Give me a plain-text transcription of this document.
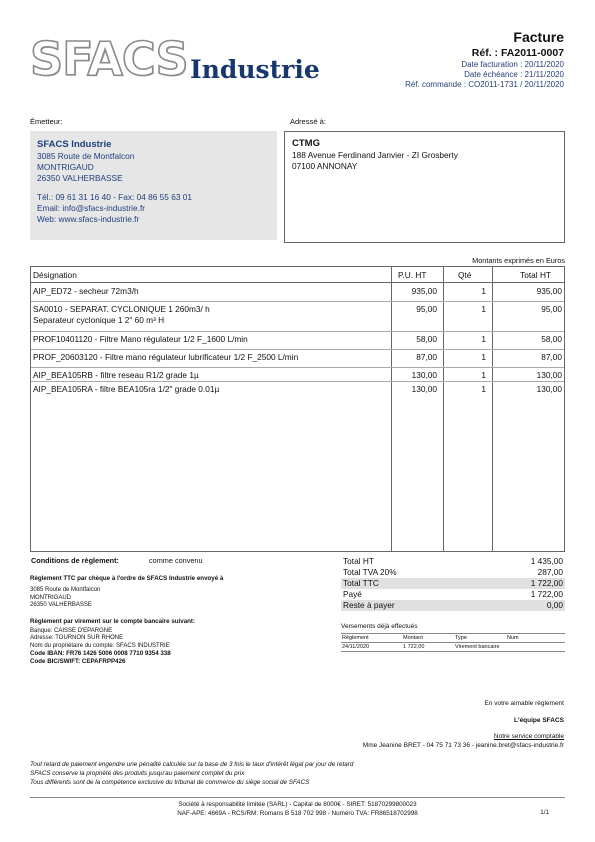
SFACS Industrie
Facture
Réf. : FA2011-0007
Date facturation : 20/11/2020
Date échéance : 21/11/2020
Réf. commande : CO2011-1731 / 20/11/2020
Émetteur:	Adressé à:
SFACS Industrie
3085 Route de Montfalcon
MONTRIGAUD
26350 VALHERBASSE
Tél.: 09 61 31 16 40 - Fax: 04 86 55 63 01
Email: info@sfacs-industrie.fr
Web: www.sfacs-industrie.fr
CTMG
188 Avenue Ferdinand Janvier - ZI Grosberty
07100 ANNONAY
Montants exprimés en Euros
Désignation	P.U. HT	Qté	Total HT
AIP_ED72 - secheur 72m3/h	935,00	1	935,00
SA0010 - SEPARAT. CYCLONIQUE 1 260m3/ h
Separateur cyclonique 1 2" 60 m³ H
95,00	1	95,00
PROF10401120 - Filtre Mano régulateur 1/2 F_1600 L/min	58,00	1	58,00
PROF_20603120 - Filtre mano régulateur lubrificateur 1/2 F_2500 L/min	87,00	1	87,00
AIP_BEA105RB - filtre reseau R1/2 grade 1µ	130,00	1	130,00
AIP_BEA105RA - filtre BEA105ra 1/2" grade 0.01µ	130,00	1	130,00
Conditions de règlement:	comme convenu
Règlement TTC par chèque à l'ordre de SFACS Industrie envoyé à
3085 Route de Montfalcon
MONTRIGAUD
26350 VALHERBASSE
Règlement par virement sur le compte bancaire suivant:
Banque: CAISSE D'EPARGNE
Adresse: TOURNON SUR RHONE
Nom du propriétaire du compte: SFACS INDUSTRIE
Code IBAN: FR76 1426 5006 0008 7710 9354 338
Code BIC/SWIFT: CEPAFRPP426
Total HT	1 435,00
Total TVA 20%	287,00
Total TTC	1 722,00
Payé	1 722,00
Reste à payer	0,00
Versements déjà effectués
Règlement	Montant	Type	Num
24/11/2020	1 722,00	Virement bancaire
En votre aimable règlement
L'équipe SFACS
Notre service comptable
Mme Jeanine BRET - 04 75 71 73 36 - jeanine.bret@sfacs-industrie.fr
Tout retard de paiement engendre une pénalité calculée sur la base de 3 fois le taux d'intérêt légal par jour de retard
SFACS conserve la propriété des produits jusqu'au paiement complet du prix
Tous différents sont de la compétence exclusive du tribunal de commerce du siège social de SFACS
Société à responsabilité limitée (SARL) - Capital de 8000€ - SIRET: 51870299800023
NAF-APE: 4669A - RCS/RM: Romans B 518 702 998 - Numéro TVA: FR86518702998	1/1
